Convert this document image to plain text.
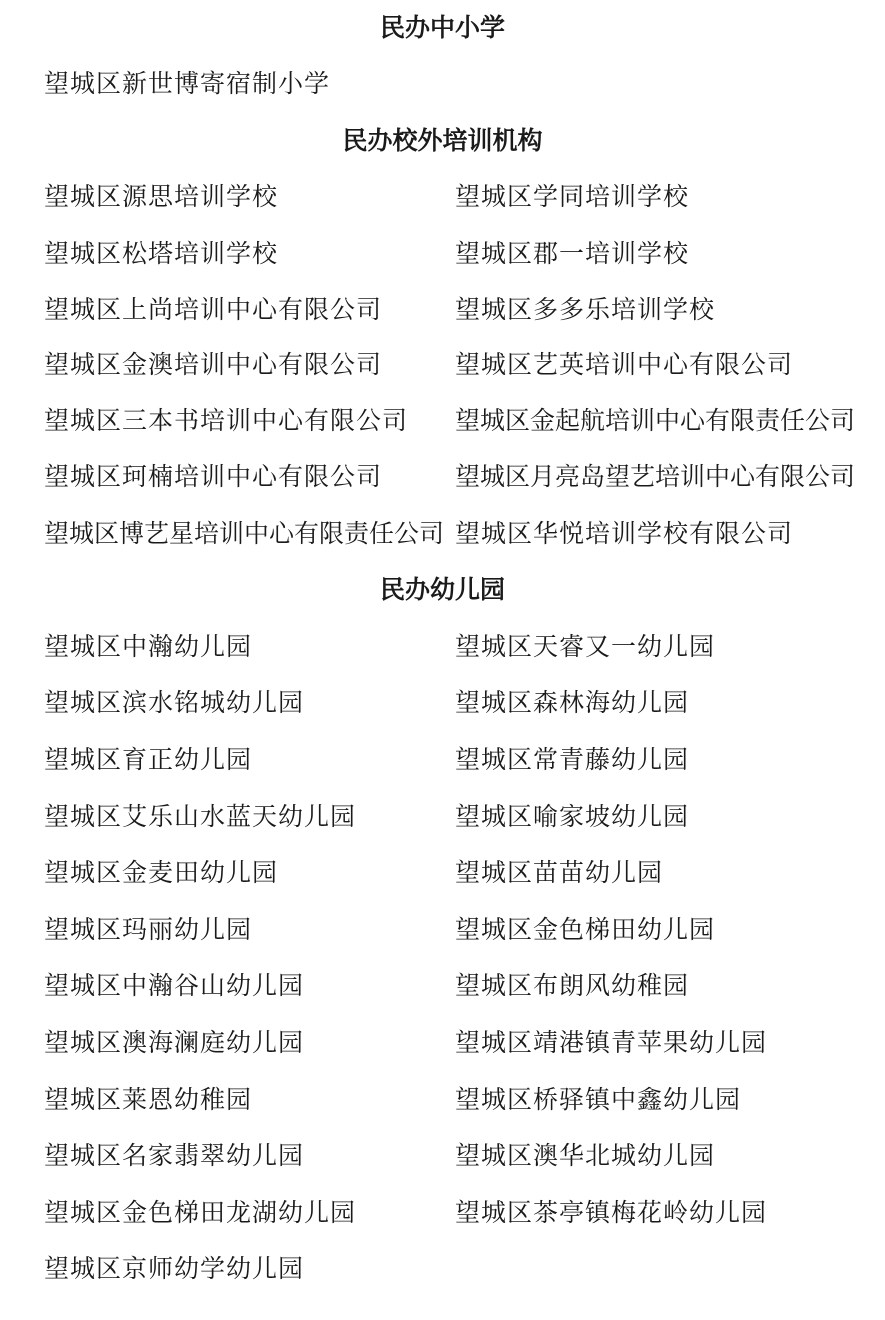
民办中小学
望城区新世博寄宿制小学
民办校外培训机构
望城区源思培训学校	望城区学同培训学校
望城区松塔培训学校	望城区郡一培训学校
望城区上尚培训中心有限公司	望城区多多乐培训学校
望城区金澳培训中心有限公司	望城区艺英培训中心有限公司
望城区三本书培训中心有限公司 望城区金起航培训中心有限责任公司
望城区珂楠培训中心有限公司	望城区月亮岛望艺培训中心有限公司
望城区博艺星培训中心有限责任公司 望城区华悦培训学校有限公司
民办幼儿园
望城区中瀚幼儿园	望城区天睿又一幼儿园
望城区滨水铭城幼儿园	望城区森林海幼儿园
望城区育正幼儿园	望城区常青藤幼儿园
望城区艾乐山水蓝天幼儿园	望城区喻家坡幼儿园
望城区金麦田幼儿园	望城区苗苗幼儿园
望城区玛丽幼儿园	望城区金色梯田幼儿园
望城区中瀚谷山幼儿园	望城区布朗风幼稚园
望城区澳海澜庭幼儿园	望城区靖港镇青苹果幼儿园
望城区莱恩幼稚园	望城区桥驿镇中鑫幼儿园
望城区名家翡翠幼儿园	望城区澳华北城幼儿园
望城区金色梯田龙湖幼儿园	望城区茶亭镇梅花岭幼儿园
望城区京师幼学幼儿园
